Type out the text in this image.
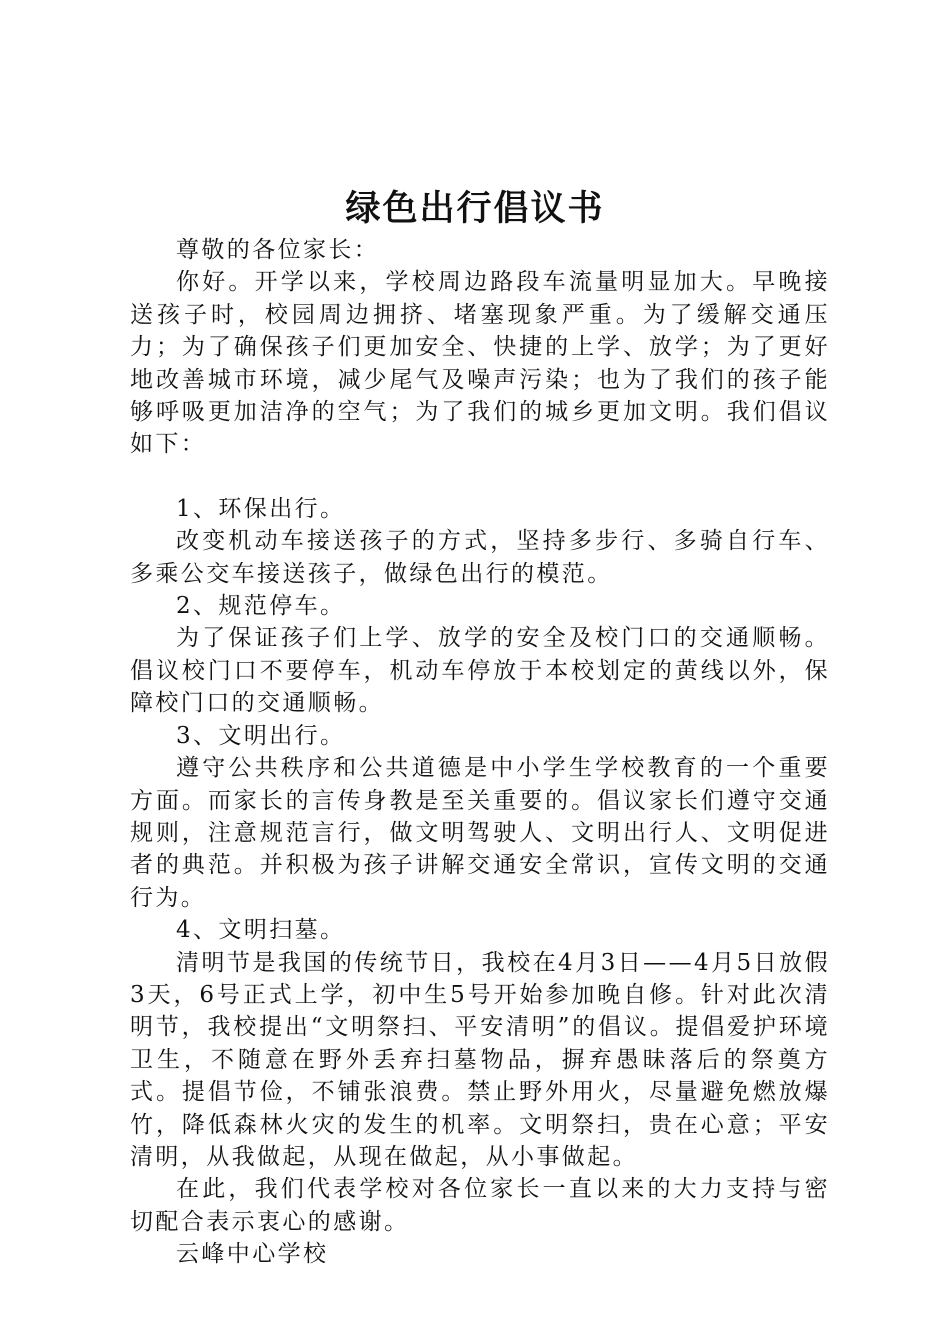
绿色出行倡议书

尊敬的各位家长：

你好。开学以来，学校周边路段车流量明显加大。早晚接送孩子时，校园周边拥挤、堵塞现象严重。为了缓解交通压力；为了确保孩子们更加安全、快捷的上学、放学；为了更好地改善城市环境，减少尾气及噪声污染；也为了我们的孩子能够呼吸更加洁净的空气；为了我们的城乡更加文明。我们倡议如下：

1、环保出行。

改变机动车接送孩子的方式，坚持多步行、多骑自行车、多乘公交车接送孩子，做绿色出行的模范。

2、规范停车。

为了保证孩子们上学、放学的安全及校门口的交通顺畅。倡议校门口不要停车，机动车停放于本校划定的黄线以外，保障校门口的交通顺畅。

3、文明出行。

遵守公共秩序和公共道德是中小学生学校教育的一个重要方面。而家长的言传身教是至关重要的。倡议家长们遵守交通规则，注意规范言行，做文明驾驶人、文明出行人、文明促进者的典范。并积极为孩子讲解交通安全常识，宣传文明的交通行为。

4、文明扫墓。

清明节是我国的传统节日，我校在4月3日——4月5日放假3天，6号正式上学，初中生5号开始参加晚自修。针对此次清明节，我校提出“文明祭扫、平安清明”的倡议。提倡爱护环境卫生，不随意在野外丢弃扫墓物品，摒弃愚昧落后的祭奠方式。提倡节俭，不铺张浪费。禁止野外用火，尽量避免燃放爆竹，降低森林火灾的发生的机率。文明祭扫，贵在心意；平安清明，从我做起，从现在做起，从小事做起。

在此，我们代表学校对各位家长一直以来的大力支持与密切配合表示衷心的感谢。

云峰中心学校
